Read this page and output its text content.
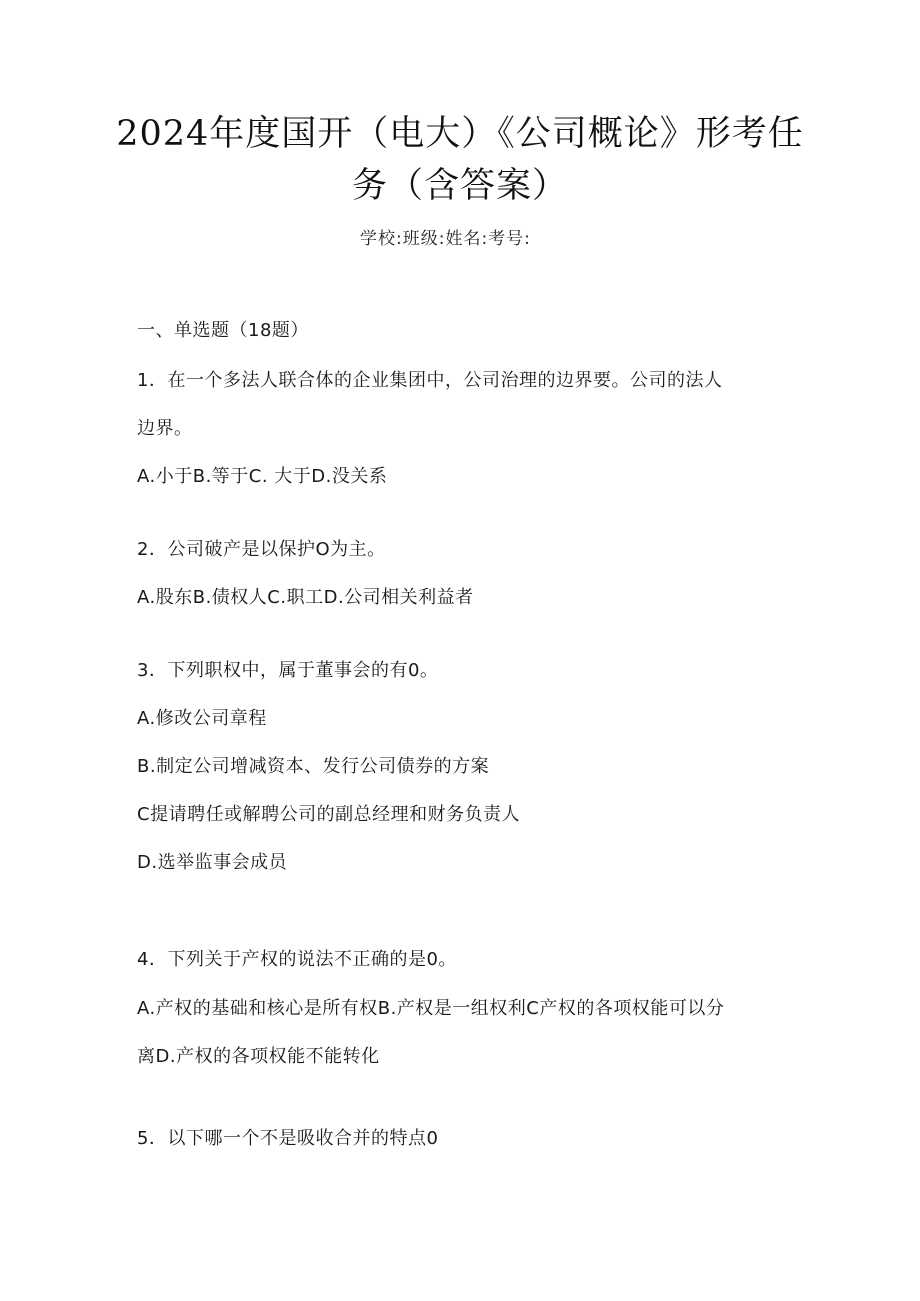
2024年度国开（电大）《公司概论》形考任
务（含答案）
学校:班级:姓名:考号:
一、单选题（18题）
1．在一个多法人联合体的企业集团中，公司治理的边界要。公司的法人
边界。
A.小于B.等于C. 大于D.没关系
2．公司破产是以保护O为主。
A.股东B.债权人C.职工D.公司相关利益者
3．下列职权中，属于董事会的有0。
A.修改公司章程
B.制定公司增减资本、发行公司债券的方案
C提请聘任或解聘公司的副总经理和财务负责人
D.选举监事会成员
4．下列关于产权的说法不正确的是0。
A.产权的基础和核心是所有权B.产权是一组权利C产权的各项权能可以分
离D.产权的各项权能不能转化
5．以下哪一个不是吸收合并的特点0
